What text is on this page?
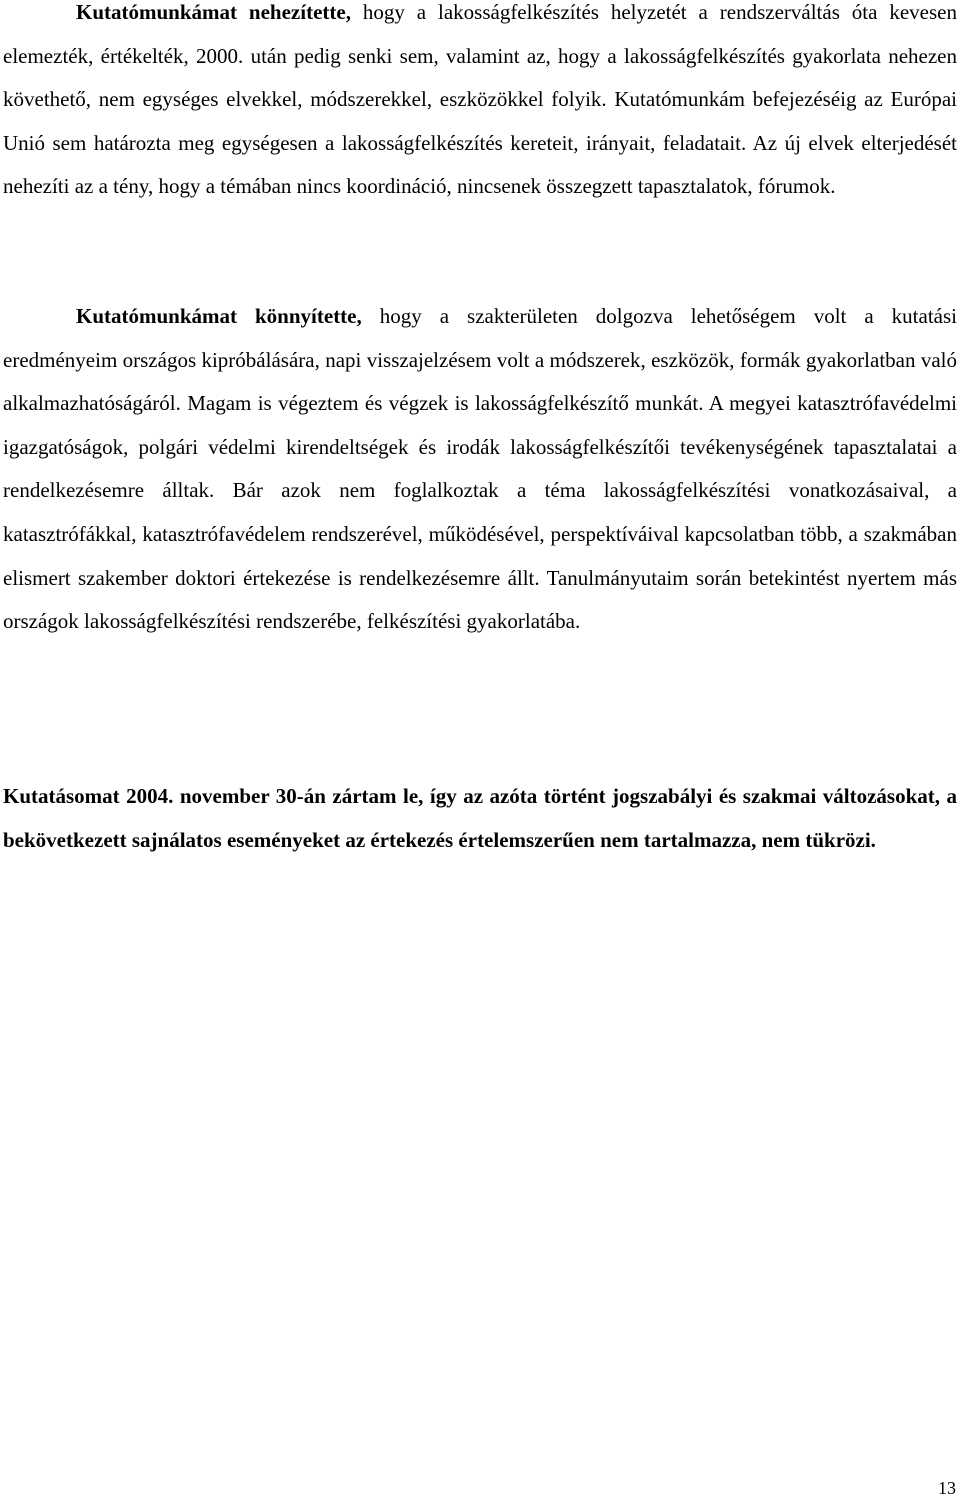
Kutatómunkámat nehezítette, hogy a lakosságfelkészítés helyzetét a rendszerváltás óta kevesen elemezték, értékelték, 2000. után pedig senki sem, valamint az, hogy a lakosságfelkészítés gyakorlata nehezen követhető, nem egységes elvekkel, módszerekkel, eszközökkel folyik. Kutatómunkám befejezéséig az Európai Unió sem határozta meg egységesen a lakosságfelkészítés kereteit, irányait, feladatait. Az új elvek elterjedését nehezíti az a tény, hogy a témában nincs koordináció, nincsenek összegzett tapasztalatok, fórumok.

Kutatómunkámat könnyítette, hogy a szakterületen dolgozva lehetőségem volt a kutatási eredményeim országos kipróbálására, napi visszajelzésem volt a módszerek, eszközök, formák gyakorlatban való alkalmazhatóságáról. Magam is végeztem és végzek is lakosságfelkészítő munkát. A megyei katasztrófavédelmi igazgatóságok, polgári védelmi kirendeltségek és irodák lakosságfelkészítői tevékenységének tapasztalatai a rendelkezésemre álltak. Bár azok nem foglalkoztak a téma lakosságfelkészítési vonatkozásaival, a katasztrófákkal, katasztrófavédelem rendszerével, működésével, perspektíváival kapcsolatban több, a szakmában elismert szakember doktori értekezése is rendelkezésemre állt. Tanulmányutaim során betekintést nyertem más országok lakosságfelkészítési rendszerébe, felkészítési gyakorlatába.

Kutatásomat 2004. november 30-án zártam le, így az azóta történt jogszabályi és szakmai változásokat, a bekövetkezett sajnálatos eseményeket az értekezés értelemszerűen nem tartalmazza, nem tükrözi.

13
